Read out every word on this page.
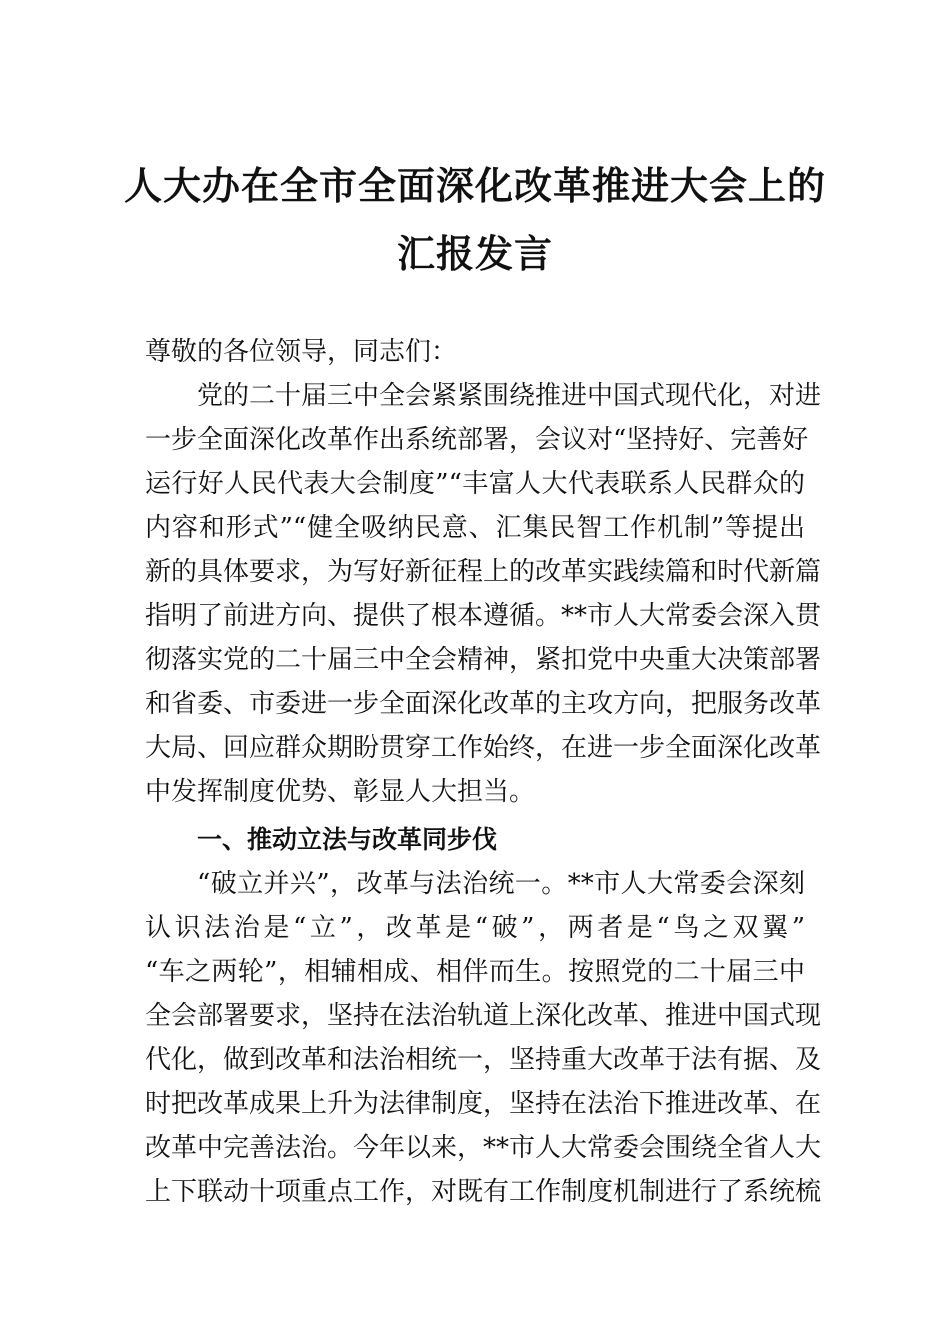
人大办在全市全面深化改革推进大会上的
汇报发言
尊敬的各位领导，同志们：
党的二十届三中全会紧紧围绕推进中国式现代化，对进
一步全面深化改革作出系统部署，会议对“坚持好、完善好
运行好人民代表大会制度”“丰富人大代表联系人民群众的
内容和形式”“健全吸纳民意、汇集民智工作机制”等提出
新的具体要求，为写好新征程上的改革实践续篇和时代新篇
指明了前进方向、提供了根本遵循。**市人大常委会深入贯
彻落实党的二十届三中全会精神，紧扣党中央重大决策部署
和省委、市委进一步全面深化改革的主攻方向，把服务改革
大局、回应群众期盼贯穿工作始终，在进一步全面深化改革
中发挥制度优势、彰显人大担当。
一、推动立法与改革同步伐
“破立并兴”，改革与法治统一。**市人大常委会深刻
认识法治是“立”，改革是“破”，两者是“鸟之双翼”
“车之两轮”，相辅相成、相伴而生。按照党的二十届三中
全会部署要求，坚持在法治轨道上深化改革、推进中国式现
代化，做到改革和法治相统一，坚持重大改革于法有据、及
时把改革成果上升为法律制度，坚持在法治下推进改革、在
改革中完善法治。今年以来，**市人大常委会围绕全省人大
上下联动十项重点工作，对既有工作制度机制进行了系统梳
